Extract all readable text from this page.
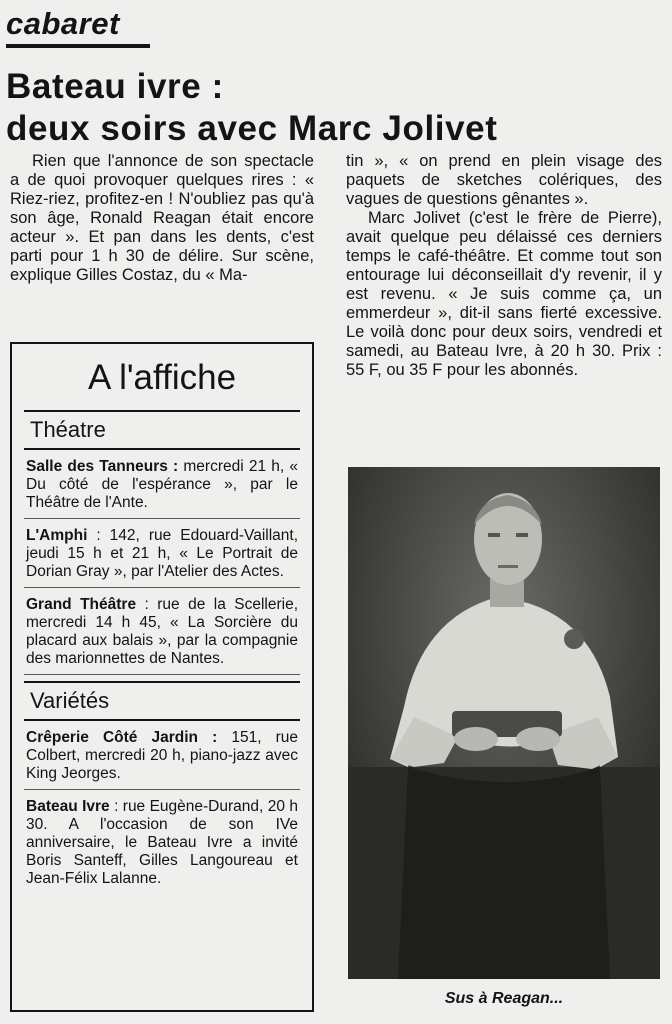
cabaret
Bateau ivre :
deux soirs avec Marc Jolivet

Rien que l'annonce de son spectacle a de quoi provoquer quelques rires : « Riez-riez, profitez-en ! N'oubliez pas qu'à son âge, Ronald Reagan était encore acteur ». Et pan dans les dents, c'est parti pour 1 h 30 de délire. Sur scène, explique Gilles Costaz, du « Ma-

tin », « on prend en plein visage des paquets de sketches colériques, des vagues de questions gênantes ».

Marc Jolivet (c'est le frère de Pierre), avait quelque peu délaissé ces derniers temps le café-théâtre. Et comme tout son entourage lui déconseillait d'y revenir, il y est revenu. « Je suis comme ça, un emmerdeur », dit-il sans fierté excessive. Le voilà donc pour deux soirs, vendredi et samedi, au Bateau Ivre, à 20 h 30. Prix : 55 F, ou 35 F pour les abonnés.

A l'affiche
Théatre
Salle des Tanneurs : mercredi 21 h, « Du côté de l'espérance », par le Théâtre de l'Ante.
L'Amphi : 142, rue Edouard-Vaillant, jeudi 15 h et 21 h, « Le Portrait de Dorian Gray », par l'Atelier des Actes.
Grand Théâtre : rue de la Scellerie, mercredi 14 h 45, « La Sorcière du placard aux balais », par la compagnie des marionnettes de Nantes.
Variétés
Crêperie Côté Jardin : 151, rue Colbert, mercredi 20 h, piano-jazz avec King Jeorges.
Bateau Ivre : rue Eugène-Durand, 20 h 30. A l'occasion de son IVe anniversaire, le Bateau Ivre a invité Boris Santeff, Gilles Langoureau et Jean-Félix Lalanne.
Sus à Reagan...
